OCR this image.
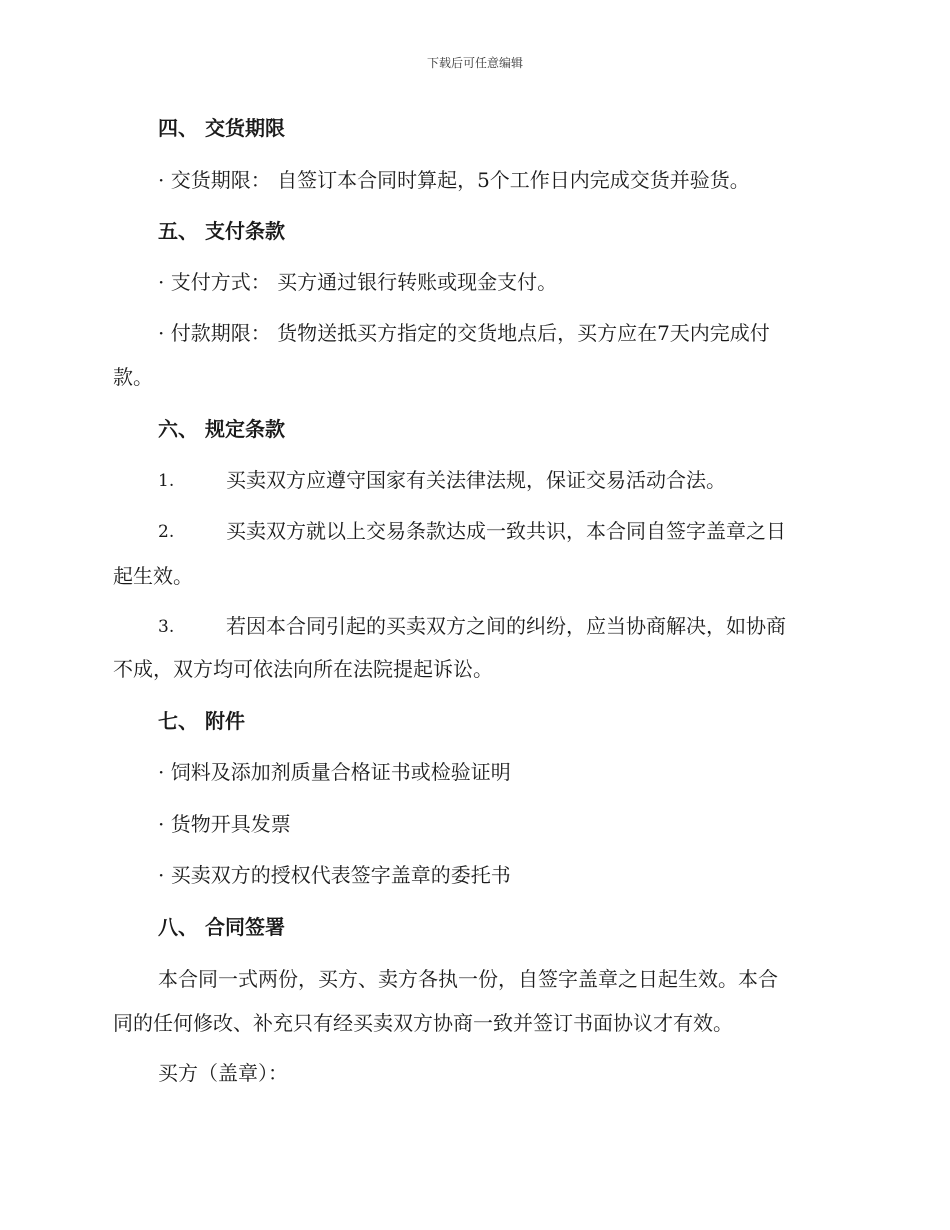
下载后可任意编辑
四、 交货期限
· 交货期限： 自签订本合同时算起，5个工作日内完成交货并验货。
五、 支付条款
· 支付方式： 买方通过银行转账或现金支付。
· 付款期限： 货物送抵买方指定的交货地点后，买方应在7天内完成付
款。
六、 规定条款
1.	买卖双方应遵守国家有关法律法规，保证交易活动合法。
2.	买卖双方就以上交易条款达成一致共识，本合同自签字盖章之日
起生效。
3.	若因本合同引起的买卖双方之间的纠纷，应当协商解决，如协商
不成，双方均可依法向所在法院提起诉讼。
七、 附件
· 饲料及添加剂质量合格证书或检验证明
· 货物开具发票
· 买卖双方的授权代表签字盖章的委托书
八、 合同签署
本合同一式两份，买方、卖方各执一份，自签字盖章之日起生效。本合
同的任何修改、补充只有经买卖双方协商一致并签订书面协议才有效。
买方（盖章）：
